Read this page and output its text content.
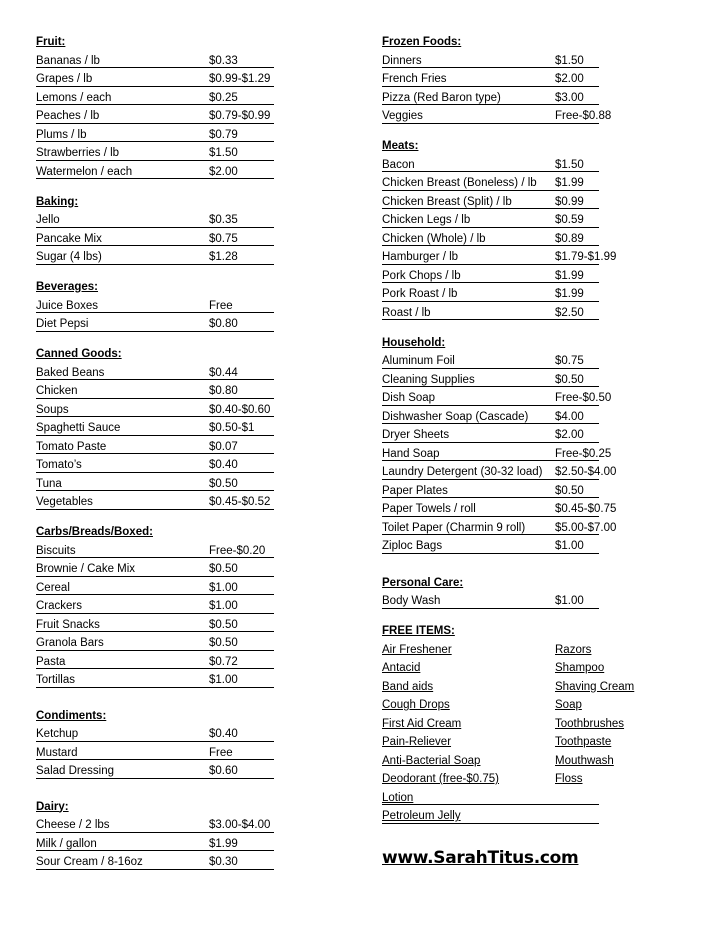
Fruit:
Bananas / lb	$0.33
Grapes / lb	$0.99-$1.29
Lemons / each	$0.25
Peaches / lb	$0.79-$0.99
Plums / lb	$0.79
Strawberries / lb	$1.50
Watermelon / each	$2.00
Baking:
Jello	$0.35
Pancake Mix	$0.75
Sugar (4 lbs)	$1.28
Beverages:
Juice Boxes	Free
Diet Pepsi	$0.80
Canned Goods:
Baked Beans	$0.44
Chicken	$0.80
Soups	$0.40-$0.60
Spaghetti Sauce	$0.50-$1
Tomato Paste	$0.07
Tomato’s	$0.40
Tuna	$0.50
Vegetables	$0.45-$0.52
Carbs/Breads/Boxed:
Biscuits	Free-$0.20
Brownie / Cake Mix	$0.50
Cereal	$1.00
Crackers	$1.00
Fruit Snacks	$0.50
Granola Bars	$0.50
Pasta	$0.72
Tortillas	$1.00
Condiments:
Ketchup	$0.40
Mustard	Free
Salad Dressing	$0.60
Dairy:
Cheese / 2 lbs	$3.00-$4.00
Milk / gallon	$1.99
Sour Cream / 8-16oz	$0.30
Frozen Foods:
Dinners	$1.50
French Fries	$2.00
Pizza (Red Baron type)	$3.00
Veggies	Free-$0.88
Meats:
Bacon	$1.50
Chicken Breast (Boneless) / lb $1.99
Chicken Breast (Split) / lb	$0.99
Chicken Legs / lb	$0.59
Chicken (Whole) / lb	$0.89
Hamburger / lb	$1.79-$1.99
Pork Chops / lb	$1.99
Pork Roast / lb	$1.99
Roast / lb	$2.50
Household:
Aluminum Foil	$0.75
Cleaning Supplies	$0.50
Dish Soap	Free-$0.50
Dishwasher Soap (Cascade) $4.00
Dryer Sheets	$2.00
Hand Soap	Free-$0.25
Laundry Detergent (30-32 load) $2.50-$4.00
Paper Plates	$0.50
Paper Towels / roll	$0.45-$0.75
Toilet Paper (Charmin 9 roll)	$5.00-$7.00
Ziploc Bags	$1.00
Personal Care:
Body Wash	$1.00
FREE ITEMS:
Air Freshener	Razors
Antacid	Shampoo
Band aids	Shaving Cream
Cough Drops	Soap
First Aid Cream	Toothbrushes
Pain-Reliever	Toothpaste
Anti-Bacterial Soap	Mouthwash
Deodorant (free-$0.75)	Floss
Lotion
Petroleum Jelly
www.SarahTitus.com
